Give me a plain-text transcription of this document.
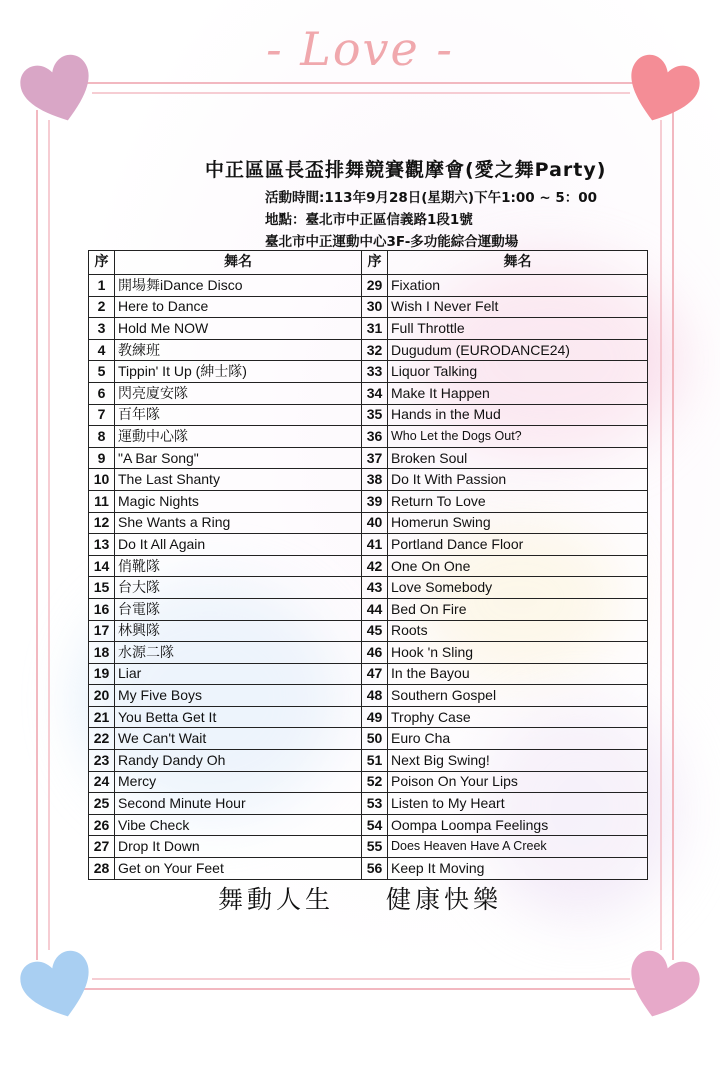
- Love -
中正區區長盃排舞競賽觀摩會(愛之舞Party)
活動時間:113年9月28日(星期六)下午1:00 ~ 5：00
地點：臺北市中正區信義路1段1號
臺北市中正運動中心3F-多功能綜合運動場
序	舞名	序	舞名
1	開場舞iDance Disco	29	Fixation
2	Here to Dance	30	Wish I Never Felt
3	Hold Me NOW	31	Full Throttle
4	教練班	32	Dugudum (EURODANCE24)
5	Tippin' It Up (紳士隊)	33	Liquor Talking
6	閃亮廈安隊	34	Make It Happen
7	百年隊	35	Hands in the Mud
8	運動中心隊	36	Who Let the Dogs Out?
9	"A Bar Song"	37	Broken Soul
10	The Last Shanty	38	Do It With Passion
11	Magic Nights	39	Return To Love
12	She Wants a Ring	40	Homerun Swing
13	Do It All Again	41	Portland Dance Floor
14	俏靴隊	42	One On One
15	台大隊	43	Love Somebody
16	台電隊	44	Bed On Fire
17	林興隊	45	Roots
18	水源二隊	46	Hook 'n Sling
19	Liar	47	In the Bayou
20	My Five Boys	48	Southern Gospel
21	You Betta Get It	49	Trophy Case
22	We Can't Wait	50	Euro Cha
23	Randy Dandy Oh	51	Next Big Swing!
24	Mercy	52	Poison On Your Lips
25	Second Minute Hour	53	Listen to My Heart
26	Vibe Check	54	Oompa Loompa Feelings
27	Drop It Down	55	Does Heaven Have A Creek
28	Get on Your Feet	56	Keep It Moving
舞動人生 健康快樂
